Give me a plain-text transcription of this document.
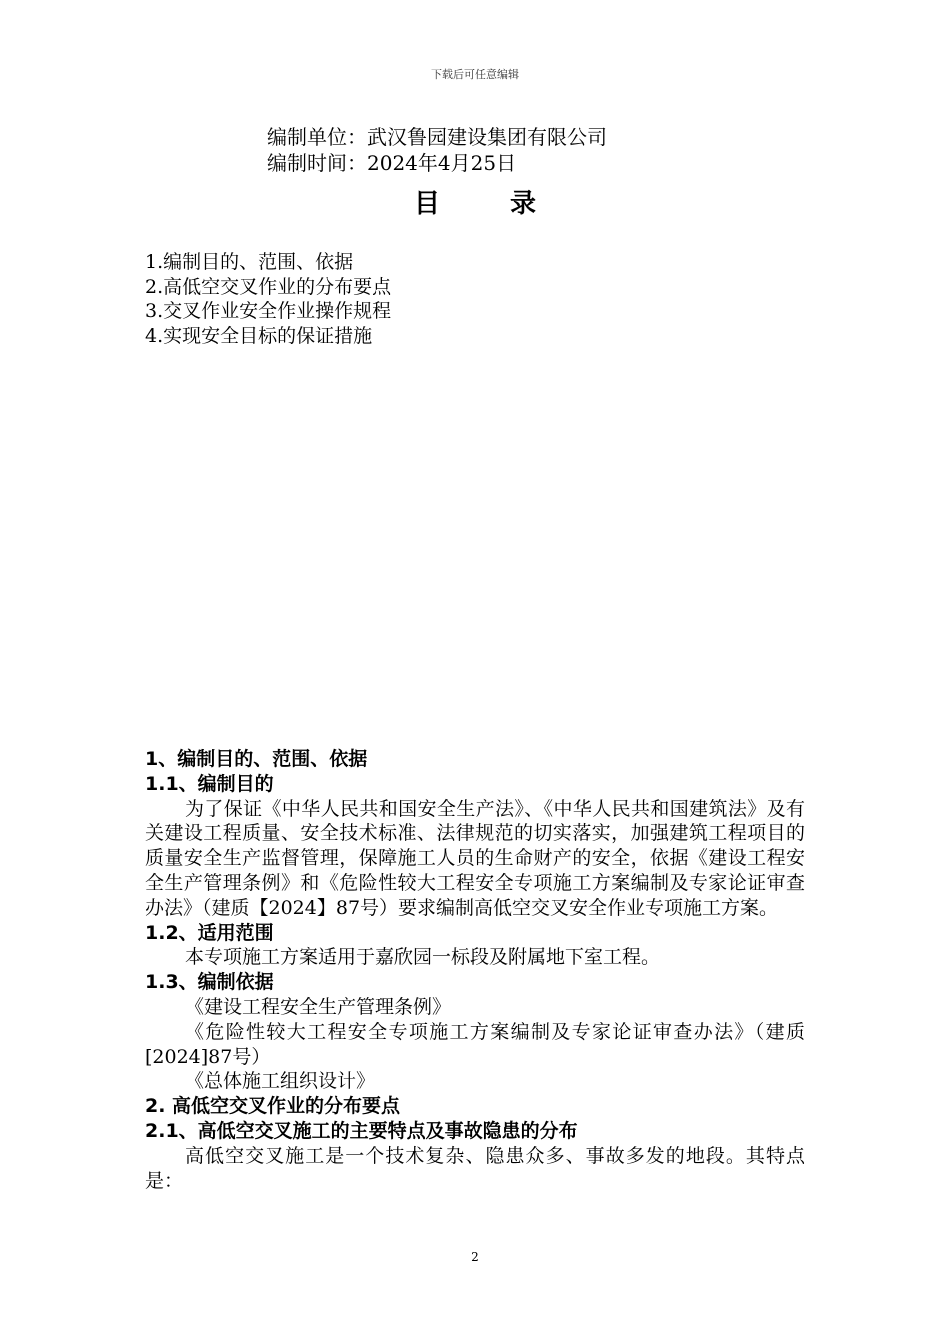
下载后可任意编辑
编制单位：武汉鲁园建设集团有限公司
编制时间：2024年4月25日
目录
1.编制目的、范围、依据
2.高低空交叉作业的分布要点
3.交叉作业安全作业操作规程
4.实现安全目标的保证措施
1、编制目的、范围、依据
1.1、编制目的
为了保证《中华人民共和国安全生产法》、《中华人民共和国建筑法》及有关建设工程质量、安全技术标准、法律规范的切实落实，加强建筑工程项目的质量安全生产监督管理，保障施工人员的生命财产的安全，依据《建设工程安全生产管理条例》和《危险性较大工程安全专项施工方案编制及专家论证审查办法》（建质【2024】87号）要求编制高低空交叉安全作业专项施工方案。
1.2、适用范围
本专项施工方案适用于嘉欣园一标段及附属地下室工程。
1.3、编制依据
《建设工程安全生产管理条例》
《危险性较大工程安全专项施工方案编制及专家论证审查办法》（建质[2024]87号）
《总体施工组织设计》
2. 高低空交叉作业的分布要点
2.1、高低空交叉施工的主要特点及事故隐患的分布
高低空交叉施工是一个技术复杂、隐患众多、事故多发的地段。其特点是：
2
